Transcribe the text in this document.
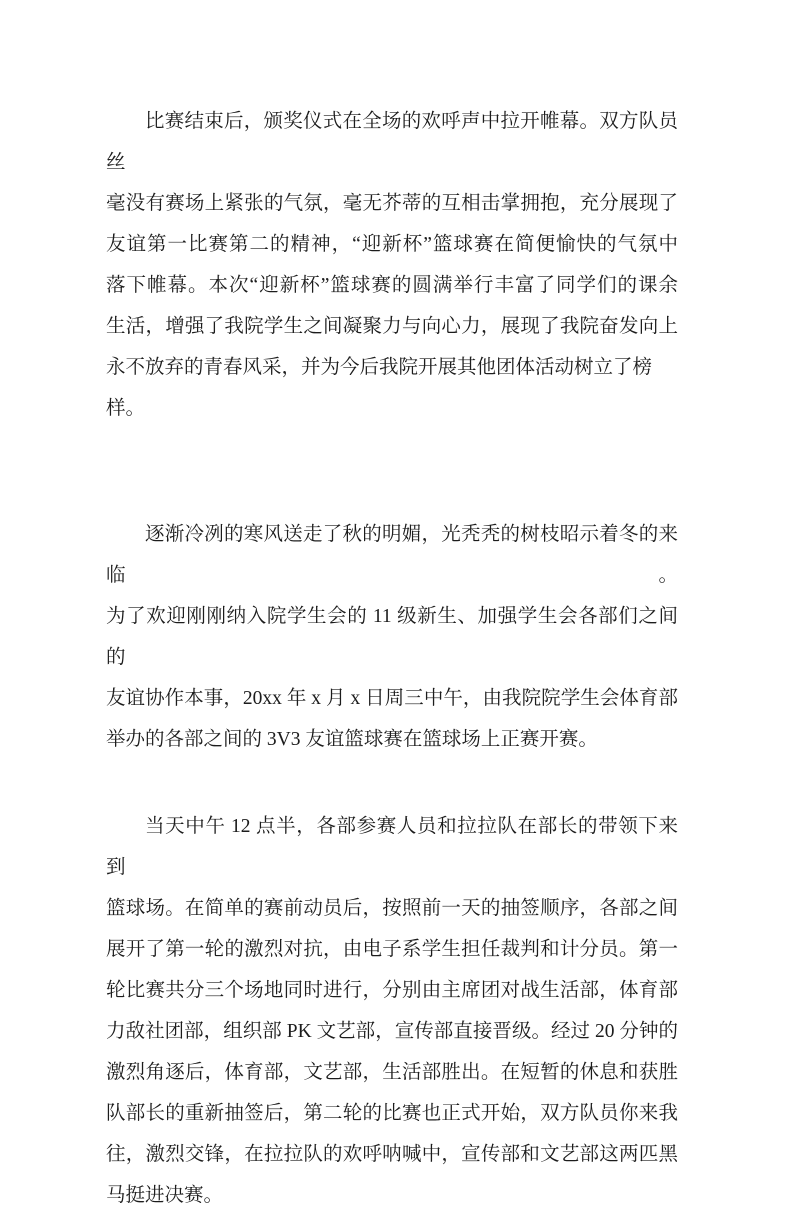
比赛结束后，颁奖仪式在全场的欢呼声中拉开帷幕。双方队员丝
毫没有赛场上紧张的气氛，毫无芥蒂的互相击掌拥抱，充分展现了
友谊第一比赛第二的精神，“迎新杯”篮球赛在简便愉快的气氛中
落下帷幕。本次“迎新杯”篮球赛的圆满举行丰富了同学们的课余
生活，增强了我院学生之间凝聚力与向心力，展现了我院奋发向上
永不放弃的青春风采，并为今后我院开展其他团体活动树立了榜样。
逐渐冷冽的寒风送走了秋的明媚，光秃秃的树枝昭示着冬的来临。
为了欢迎刚刚纳入院学生会的 11 级新生、加强学生会各部们之间的
友谊协作本事，20xx 年 x 月 x 日周三中午，由我院院学生会体育部
举办的各部之间的 3V3 友谊篮球赛在篮球场上正赛开赛。
当天中午 12 点半，各部参赛人员和拉拉队在部长的带领下来到
篮球场。在简单的赛前动员后，按照前一天的抽签顺序，各部之间
展开了第一轮的激烈对抗，由电子系学生担任裁判和计分员。第一
轮比赛共分三个场地同时进行，分别由主席团对战生活部，体育部
力敌社团部，组织部 PK 文艺部，宣传部直接晋级。经过 20 分钟的
激烈角逐后，体育部，文艺部，生活部胜出。在短暂的休息和获胜
队部长的重新抽签后，第二轮的比赛也正式开始，双方队员你来我
往，激烈交锋，在拉拉队的欢呼呐喊中，宣传部和文艺部这两匹黑
马挺进决赛。
